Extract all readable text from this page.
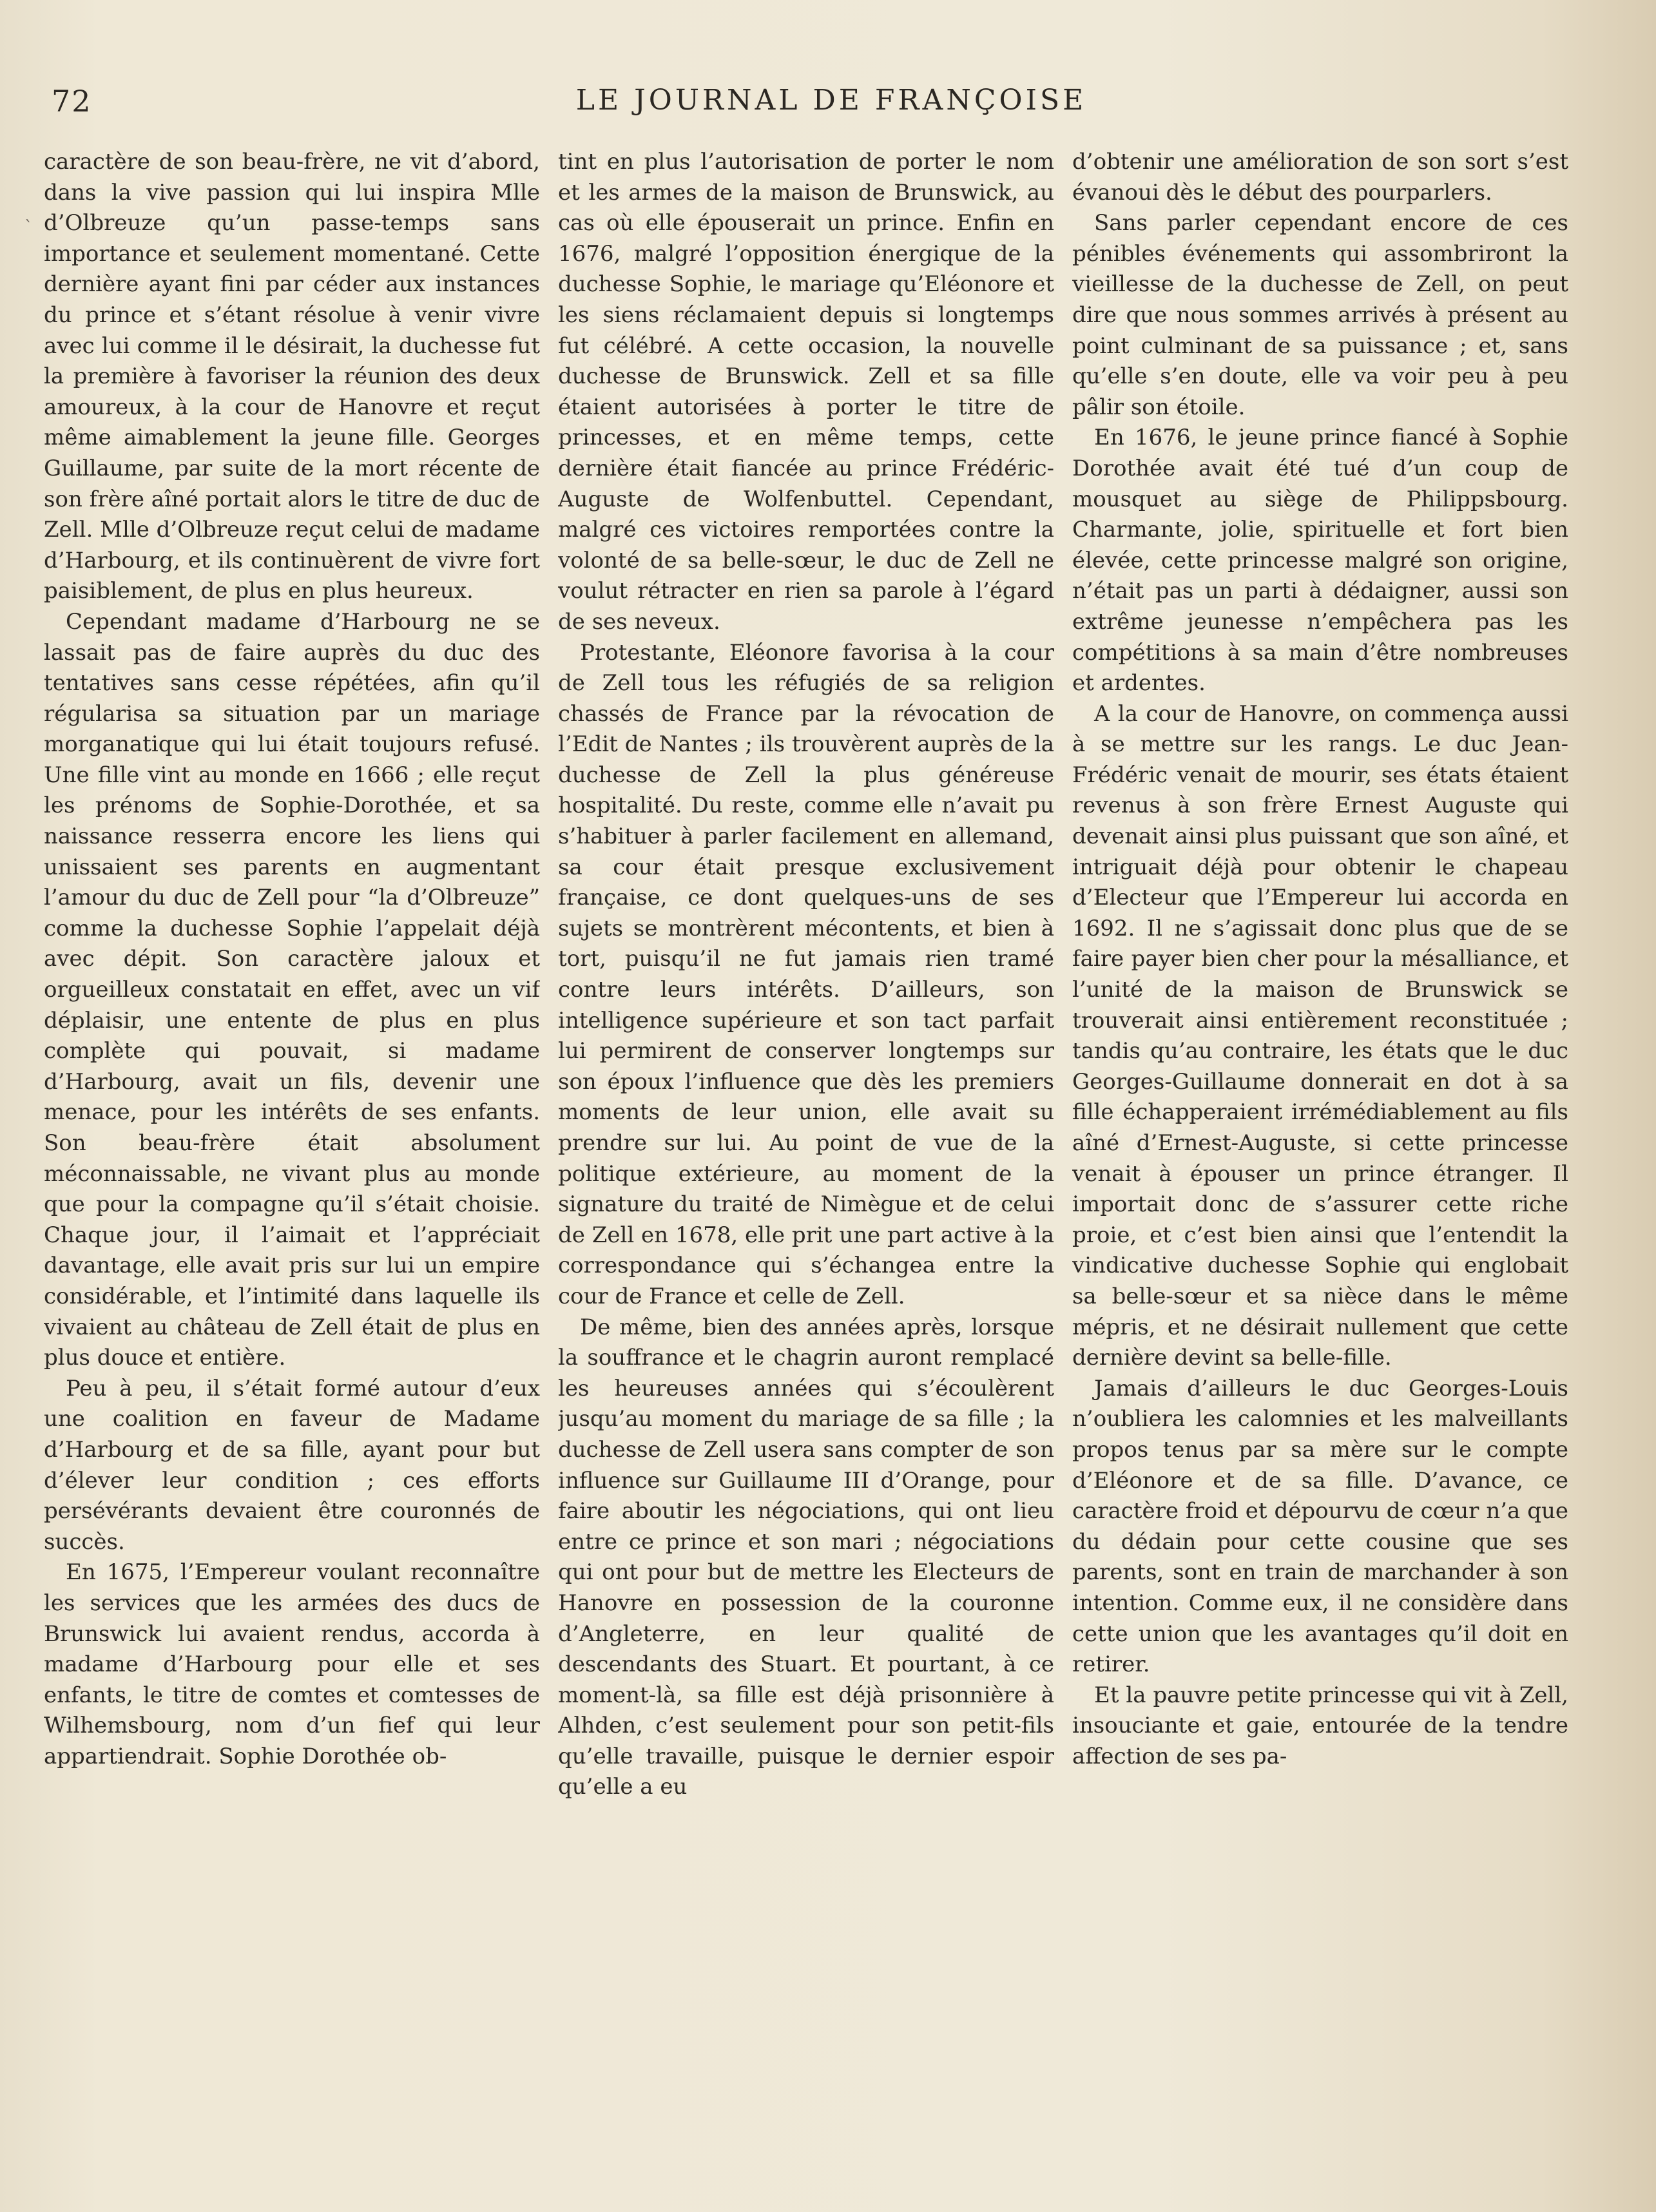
72	LE JOURNAL DE FRANÇOISE
ˋ

caractère de son beau-frère, ne vit d’abord, dans la vive passion qui lui inspira Mlle d’Olbreuze qu’un passe-temps sans importance et seulement momentané. Cette dernière ayant fini par céder aux instances du prince et s’étant résolue à venir vivre avec lui comme il le désirait, la duchesse fut la première à favoriser la réunion des deux amoureux, à la cour de Hanovre et reçut même aimablement la jeune fille. Georges Guillaume, par suite de la mort récente de son frère aîné portait alors le titre de duc de Zell. Mlle d’Olbreuze reçut celui de madame d’Harbourg, et ils continuèrent de vivre fort paisiblement, de plus en plus heureux.

Cependant madame d’Harbourg ne se lassait pas de faire auprès du duc des tentatives sans cesse répétées, afin qu’il régularisa sa situation par un mariage morganatique qui lui était toujours refusé. Une fille vint au monde en 1666 ; elle reçut les prénoms de Sophie-Dorothée, et sa naissance resserra encore les liens qui unissaient ses parents en augmentant l’amour du duc de Zell pour “la d’Olbreuze” comme la duchesse Sophie l’appelait déjà avec dépit. Son caractère jaloux et orgueilleux constatait en effet, avec un vif déplaisir, une entente de plus en plus complète qui pouvait, si madame d’Harbourg, avait un fils, devenir une menace, pour les intérêts de ses enfants. Son beau-frère était absolument méconnaissable, ne vivant plus au monde que pour la compagne qu’il s’était choisie. Chaque jour, il l’aimait et l’appréciait davantage, elle avait pris sur lui un empire considérable, et l’intimité dans laquelle ils vivaient au château de Zell était de plus en plus douce et entière.

Peu à peu, il s’était formé autour d’eux une coalition en faveur de Madame d’Harbourg et de sa fille, ayant pour but d’élever leur condition ; ces efforts persévérants devaient être couronnés de succès.

En 1675, l’Empereur voulant reconnaître les services que les armées des ducs de Brunswick lui avaient rendus, accorda à madame d’Harbourg pour elle et ses enfants, le titre de comtes et comtesses de Wilhemsbourg, nom d’un fief qui leur appartiendrait. Sophie Dorothée ob-

tint en plus l’autorisation de porter le nom et les armes de la maison de Brunswick, au cas où elle épouserait un prince. Enfin en 1676, malgré l’opposition énergique de la duchesse Sophie, le mariage qu’Eléonore et les siens réclamaient depuis si longtemps fut célébré. A cette occasion, la nouvelle duchesse de Brunswick. Zell et sa fille étaient autorisées à porter le titre de princesses, et en même temps, cette dernière était fiancée au prince Frédéric-Auguste de Wolfenbuttel. Cependant, malgré ces victoires remportées contre la volonté de sa belle-sœur, le duc de Zell ne voulut rétracter en rien sa parole à l’égard de ses neveux.

Protestante, Eléonore favorisa à la cour de Zell tous les réfugiés de sa religion chassés de France par la révocation de l’Edit de Nantes ; ils trouvèrent auprès de la duchesse de Zell la plus généreuse hospitalité. Du reste, comme elle n’avait pu s’habituer à parler facilement en allemand, sa cour était presque exclusivement française, ce dont quelques-uns de ses sujets se montrèrent mécontents, et bien à tort, puisqu’il ne fut jamais rien tramé contre leurs intérêts. D’ailleurs, son intelligence supérieure et son tact parfait lui permirent de conserver longtemps sur son époux l’influence que dès les premiers moments de leur union, elle avait su prendre sur lui. Au point de vue de la politique extérieure, au moment de la signature du traité de Nimègue et de celui de Zell en 1678, elle prit une part active à la correspondance qui s’échangea entre la cour de France et celle de Zell.

De même, bien des années après, lorsque la souffrance et le chagrin auront remplacé les heureuses années qui s’écoulèrent jusqu’au moment du mariage de sa fille ; la duchesse de Zell usera sans compter de son influence sur Guillaume III d’Orange, pour faire aboutir les négociations, qui ont lieu entre ce prince et son mari ; négociations qui ont pour but de mettre les Electeurs de Hanovre en possession de la couronne d’Angleterre, en leur qualité de descendants des Stuart. Et pourtant, à ce moment-là, sa fille est déjà prisonnière à Alhden, c’est seulement pour son petit-fils qu’elle travaille, puisque le dernier espoir qu’elle a eu

d’obtenir une amélioration de son sort s’est évanoui dès le début des pourparlers.

Sans parler cependant encore de ces pénibles événements qui assombriront la vieillesse de la duchesse de Zell, on peut dire que nous sommes arrivés à présent au point culminant de sa puissance ; et, sans qu’elle s’en doute, elle va voir peu à peu pâlir son étoile.

En 1676, le jeune prince fiancé à Sophie Dorothée avait été tué d’un coup de mousquet au siège de Philippsbourg. Charmante, jolie, spirituelle et fort bien élevée, cette princesse malgré son origine, n’était pas un parti à dédaigner, aussi son extrême jeunesse n’empêchera pas les compétitions à sa main d’être nombreuses et ardentes.

A la cour de Hanovre, on commença aussi à se mettre sur les rangs. Le duc Jean-Frédéric venait de mourir, ses états étaient revenus à son frère Ernest Auguste qui devenait ainsi plus puissant que son aîné, et intriguait déjà pour obtenir le chapeau d’Electeur que l’Empereur lui accorda en 1692. Il ne s’agissait donc plus que de se faire payer bien cher pour la mésalliance, et l’unité de la maison de Brunswick se trouverait ainsi entièrement reconstituée ; tandis qu’au contraire, les états que le duc Georges-Guillaume donnerait en dot à sa fille échapperaient irrémédiablement au fils aîné d’Ernest-Auguste, si cette princesse venait à épouser un prince étranger. Il importait donc de s’assurer cette riche proie, et c’est bien ainsi que l’entendit la vindicative duchesse Sophie qui englobait sa belle-sœur et sa nièce dans le même mépris, et ne désirait nullement que cette dernière devint sa belle-fille.

Jamais d’ailleurs le duc Georges-Louis n’oubliera les calomnies et les malveillants propos tenus par sa mère sur le compte d’Eléonore et de sa fille. D’avance, ce caractère froid et dépourvu de cœur n’a que du dédain pour cette cousine que ses parents, sont en train de marchander à son intention. Comme eux, il ne considère dans cette union que les avantages qu’il doit en retirer.

Et la pauvre petite princesse qui vit à Zell, insouciante et gaie, entourée de la tendre affection de ses pa-
